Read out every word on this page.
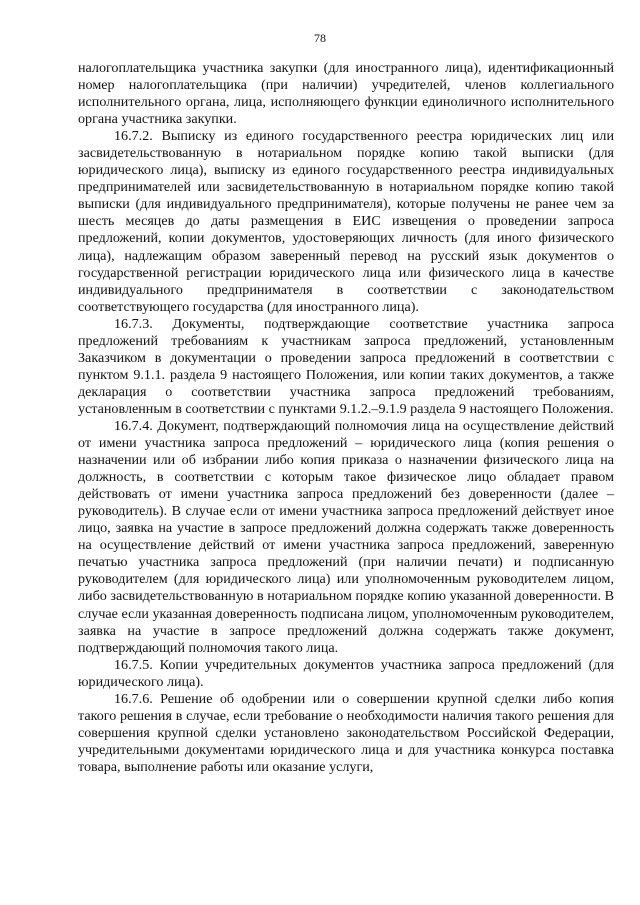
78

налогоплательщика участника закупки (для иностранного лица), идентификационный номер налогоплательщика (при наличии) учредителей, членов коллегиального исполнительного органа, лица, исполняющего функции единоличного исполнительного органа участника закупки.

16.7.2. Выписку из единого государственного реестра юридических лиц или засвидетельствованную в нотариальном порядке копию такой выписки (для юридического лица), выписку из единого государственного реестра индивидуальных предпринимателей или засвидетельствованную в нотариальном порядке копию такой выписки (для индивидуального предпринимателя), которые получены не ранее чем за шесть месяцев до даты размещения в ЕИС извещения о проведении запроса предложений, копии документов, удостоверяющих личность (для иного физического лица), надлежащим образом заверенный перевод на русский язык документов о государственной регистрации юридического лица или физического лица в качестве индивидуального предпринимателя в соответствии с законодательством соответствующего государства (для иностранного лица).

16.7.3. Документы, подтверждающие соответствие участника запроса предложений требованиям к участникам запроса предложений, установленным Заказчиком в документации о проведении запроса предложений в соответствии с пунктом 9.1.1. раздела 9 настоящего Положения, или копии таких документов, а также декларация о соответствии участника запроса предложений требованиям, установленным в соответствии с пунктами 9.1.2.–9.1.9 раздела 9 настоящего Положения.

16.7.4. Документ, подтверждающий полномочия лица на осуществление действий от имени участника запроса предложений – юридического лица (копия решения о назначении или об избрании либо копия приказа о назначении физического лица на должность, в соответствии с которым такое физическое лицо обладает правом действовать от имени участника запроса предложений без доверенности (далее – руководитель). В случае если от имени участника запроса предложений действует иное лицо, заявка на участие в запросе предложений должна содержать также доверенность на осуществление действий от имени участника запроса предложений, заверенную печатью участника запроса предложений (при наличии печати) и подписанную руководителем (для юридического лица) или уполномоченным руководителем лицом, либо засвидетельствованную в нотариальном порядке копию указанной доверенности. В случае если указанная доверенность подписана лицом, уполномоченным руководителем, заявка на участие в запросе предложений должна содержать также документ, подтверждающий полномочия такого лица.

16.7.5. Копии учредительных документов участника запроса предложений (для юридического лица).

16.7.6. Решение об одобрении или о совершении крупной сделки либо копия такого решения в случае, если требование о необходимости наличия такого решения для совершения крупной сделки установлено законодательством Российской Федерации, учредительными документами юридического лица и для участника конкурса поставка товара, выполнение работы или оказание услуги,
